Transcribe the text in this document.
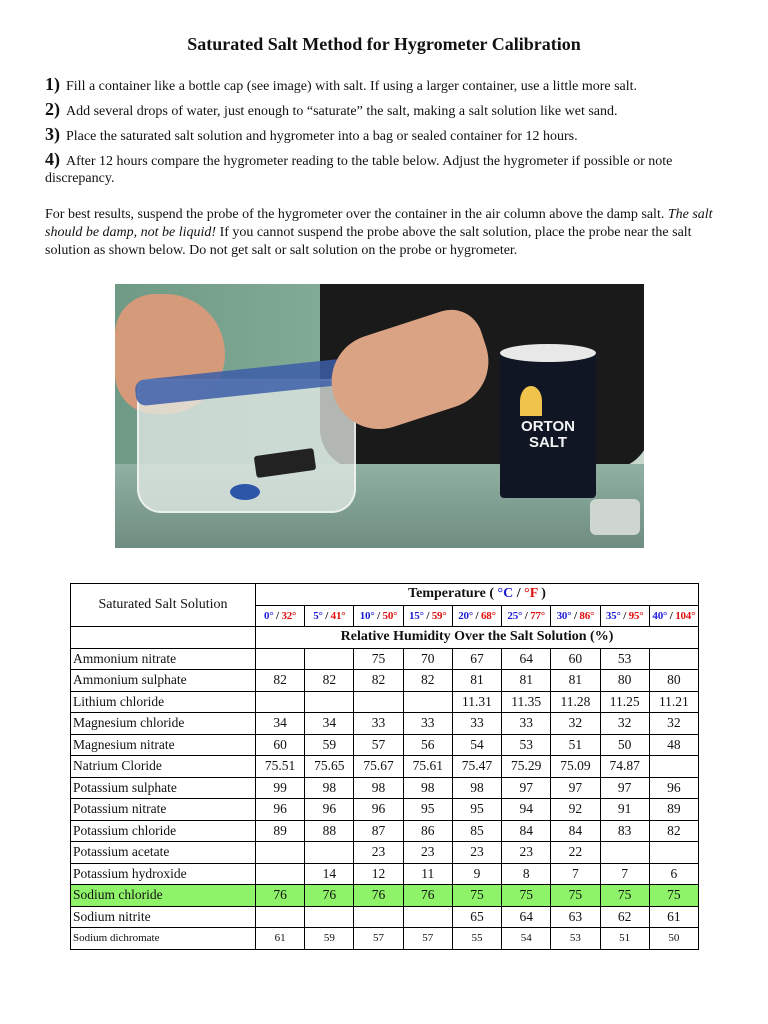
Saturated Salt Method for Hygrometer Calibration
1) Fill a container like a bottle cap (see image) with salt. If using a larger container, use a little more salt.
2) Add several drops of water, just enough to “saturate” the salt, making a salt solution like wet sand.
3) Place the saturated salt solution and hygrometer into a bag or sealed container for 12 hours.
4) After 12 hours compare the hygrometer reading to the table below. Adjust the hygrometer if possible or note discrepancy.
For best results, suspend the probe of the hygrometer over the container in the air column above the damp salt. The salt should be damp, not be liquid! If you cannot suspend the probe above the salt solution, place the probe near the salt solution as shown below. Do not get salt or salt solution on the probe or hygrometer.
ORTON
SALT
Saturated Salt Solution	Temperature ( °C / °F )								
	0° / 32°	5° / 41°	10° / 50°	15° / 59°	20° / 68°	25° / 77°	30° / 86°	35° / 95°	40° / 104°
	Relative Humidity Over the Salt Solution (%)								
Ammonium nitrate			75	70	67	64	60	53	
Ammonium sulphate	82	82	82	82	81	81	81	80	80
Lithium chloride					11.31	11.35	11.28	11.25	11.21
Magnesium chloride	34	34	33	33	33	33	32	32	32
Magnesium nitrate	60	59	57	56	54	53	51	50	48
Natrium Cloride	75.51	75.65	75.67	75.61	75.47	75.29	75.09	74.87	
Potassium sulphate	99	98	98	98	98	97	97	97	96
Potassium nitrate	96	96	96	95	95	94	92	91	89
Potassium chloride	89	88	87	86	85	84	84	83	82
Potassium acetate			23	23	23	23	22		
Potassium hydroxide		14	12	11	9	8	7	7	6
Sodium chloride	76	76	76	76	75	75	75	75	75
Sodium nitrite					65	64	63	62	61
Sodium dichromate	61	59	57	57	55	54	53	51	50
